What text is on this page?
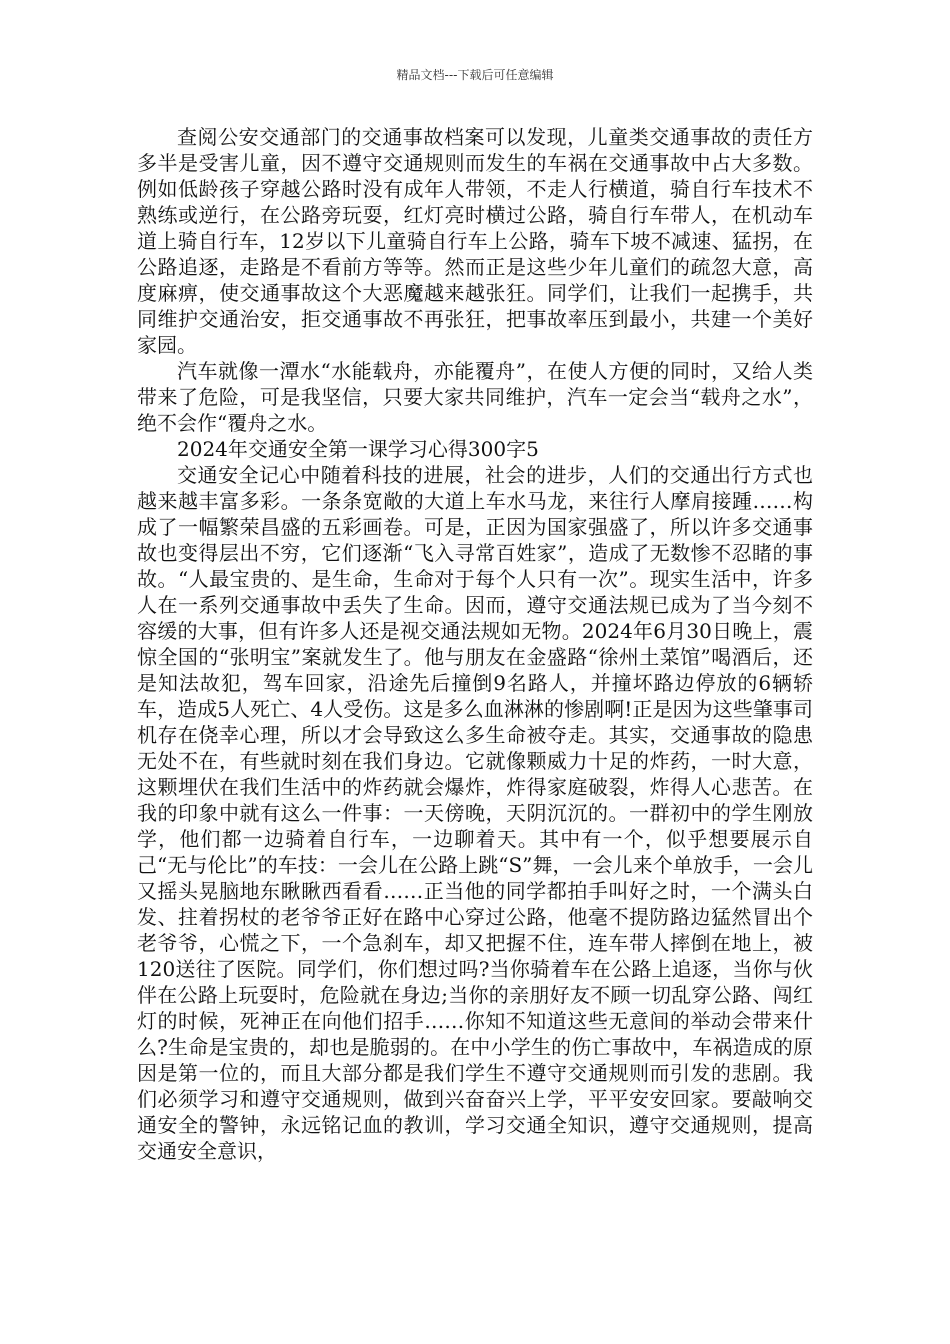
精品文档---下载后可任意编辑

查阅公安交通部门的交通事故档案可以发现，儿童类交通事故的责任方多半是受害儿童，因不遵守交通规则而发生的车祸在交通事故中占大多数。例如低龄孩子穿越公路时没有成年人带领，不走人行横道，骑自行车技术不熟练或逆行，在公路旁玩耍，红灯亮时横过公路，骑自行车带人，在机动车道上骑自行车，12岁以下儿童骑自行车上公路，骑车下坡不减速、猛拐，在公路追逐，走路是不看前方等等。然而正是这些少年儿童们的疏忽大意，高度麻痹，使交通事故这个大恶魔越来越张狂。同学们，让我们一起携手，共同维护交通治安，拒交通事故不再张狂，把事故率压到最小，共建一个美好家园。

汽车就像一潭水“水能载舟，亦能覆舟”，在使人方便的同时，又给人类带来了危险，可是我坚信，只要大家共同维护，汽车一定会当“载舟之水”，绝不会作“覆舟之水。

2024年交通安全第一课学习心得300字5

交通安全记心中随着科技的进展，社会的进步，人们的交通出行方式也越来越丰富多彩。一条条宽敞的大道上车水马龙，来往行人摩肩接踵……构成了一幅繁荣昌盛的五彩画卷。可是，正因为国家强盛了，所以许多交通事故也变得层出不穷，它们逐渐“飞入寻常百姓家”，造成了无数惨不忍睹的事故。“人最宝贵的、是生命，生命对于每个人只有一次”。现实生活中，许多人在一系列交通事故中丢失了生命。因而，遵守交通法规已成为了当今刻不容缓的大事，但有许多人还是视交通法规如无物。2024年6月30日晚上，震惊全国的“张明宝”案就发生了。他与朋友在金盛路“徐州土菜馆”喝酒后，还是知法故犯，驾车回家，沿途先后撞倒9名路人，并撞坏路边停放的6辆轿车，造成5人死亡、4人受伤。这是多么血淋淋的惨剧啊!正是因为这些肇事司机存在侥幸心理，所以才会导致这么多生命被夺走。其实，交通事故的隐患无处不在，有些就时刻在我们身边。它就像颗威力十足的炸药，一时大意，这颗埋伏在我们生活中的炸药就会爆炸，炸得家庭破裂，炸得人心悲苦。在我的印象中就有这么一件事：一天傍晚，天阴沉沉的。一群初中的学生刚放学，他们都一边骑着自行车，一边聊着天。其中有一个，似乎想要展示自己“无与伦比”的车技：一会儿在公路上跳“S”舞，一会儿来个单放手，一会儿又摇头晃脑地东瞅瞅西看看……正当他的同学都拍手叫好之时，一个满头白发、拄着拐杖的老爷爷正好在路中心穿过公路，他毫不提防路边猛然冒出个老爷爷，心慌之下，一个急刹车，却又把握不住，连车带人摔倒在地上，被120送往了医院。同学们，你们想过吗?当你骑着车在公路上追逐，当你与伙伴在公路上玩耍时，危险就在身边;当你的亲朋好友不顾一切乱穿公路、闯红灯的时候，死神正在向他们招手……你知不知道这些无意间的举动会带来什么?生命是宝贵的，却也是脆弱的。在中小学生的伤亡事故中，车祸造成的原因是第一位的，而且大部分都是我们学生不遵守交通规则而引发的悲剧。我们必须学习和遵守交通规则，做到兴奋奋兴上学，平平安安回家。要敲响交通安全的警钟，永远铭记血的教训，学习交通全知识，遵守交通规则，提高交通安全意识，
